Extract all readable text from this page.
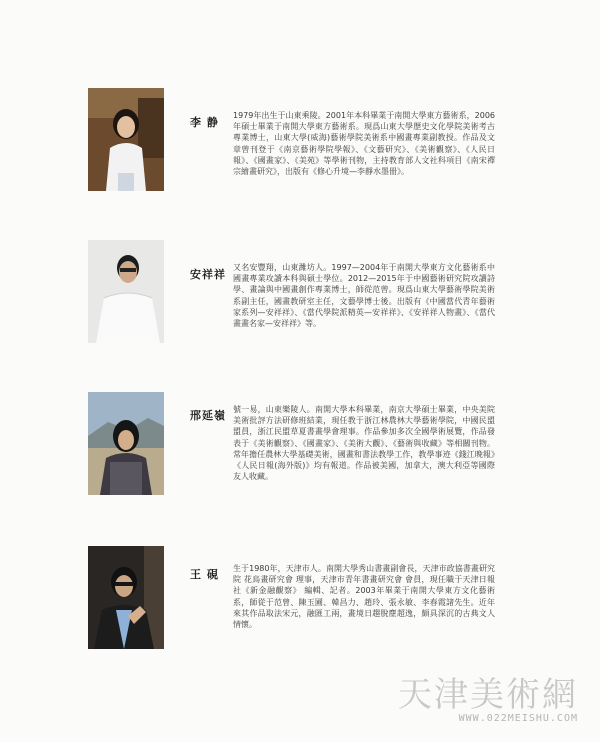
李 静

1979年出生于山東乘陵。2001年本科畢業于南開大學東方藝術系，2006年碩士畢業于南開大學東方藝術系。現爲山東大學歷史文化學院美術考古專業博士，山東大學(威海)藝術學院美術系中國畫專業副教授。作品及文章曾刊登于《南京藝術學院學報》、《文藝研究》、《美術觀察》、《人民日報》、《國畫家》、《美苑》等學術刊物，主持教育部人文社科項目《南宋禪宗繪畫研究》，出版有《修心升境—李靜水墨冊》。

安祥祥

又名安豐翔，山東濰坊人。1997—2004年于南開大學東方文化藝術系中國畫專業攻讀本科與碩士學位。2012—2015年于中國藝術研究院攻讀詩學、畫論與中國畫創作專業博士，師從范曾。現爲山東大學藝術學院美術系副主任，國畫教研室主任，文藝學博士後。出版有《中國當代青年藝術家系列—安祥祥》、《當代學院派精英—安祥祥》、《安祥祥人物畫》、《當代畫畫名家—安祥祥》等。

邢延嶺 號一易，山東樂陵人。南開大學本科畢業，南京大學碩士畢業，中央美院美術批評方法研修班結業，現任教于浙江林農林大學藝術學院，中國民盟盟員，浙江民盟草夏書畫學會理事。作品參加多次全國學術展覽，作品發表于《美術觀察》、《國畫家》、《美術大觀》、《藝術與收藏》等相關刊物。常年擔任農林大學基礎美術，國畫和書法教學工作，教學事迹《錢江晚報》《人民日報(海外版)》均有報道。作品被美國，加拿大，澳大利亞等國際友人收藏。

王 硯 生于1980年，天津市人。南開大學秀山書畫副會長，天津市政協書畫研究院 花鳥畫研究會 理事，天津市青年書畫研究會 會員，現任職于天津日報社《新金融觀察》 編輯、記者。2003年畢業于南開大學東方文化藝術系，師從于范曾、陳玉圃、韓昌力、趙玲、張永敏、李春霞諸先生。近年來其作品取法宋元，融匯工兩，畫境日趨脫塵超逸，頗具深沉的古典文人情懷。

天津美術網
WWW.022MEISHU.COM
